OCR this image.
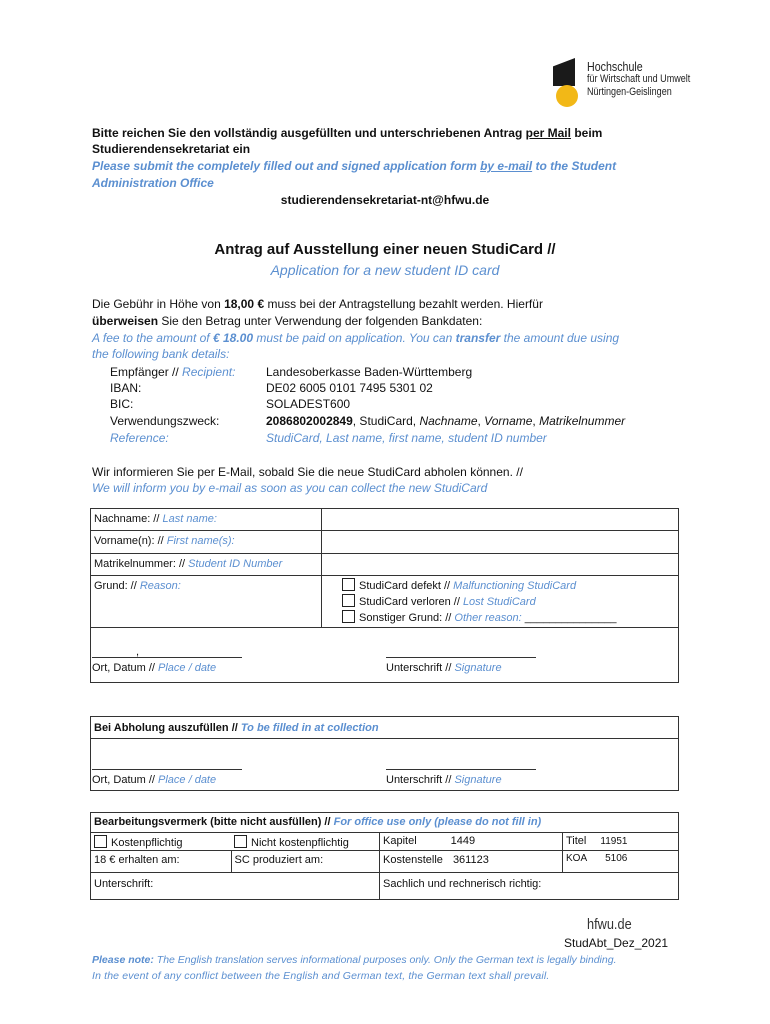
Hochschule
für Wirtschaft und Umwelt
Nürtingen-Geislingen
Bitte reichen Sie den vollständig ausgefüllten und unterschriebenen Antrag per Mail beim
Studierendensekretariat ein
Please submit the completely filled out and signed application form by e-mail to the Student
Administration Office
studierendensekretariat-nt@hfwu.de
Antrag auf Ausstellung einer neuen StudiCard //
Application for a new student ID card
Die Gebühr in Höhe von 18,00 € muss bei der Antragstellung bezahlt werden. Hierfür
überweisen Sie den Betrag unter Verwendung der folgenden Bankdaten:
A fee to the amount of € 18.00 must be paid on application. You can transfer the amount due using
the following bank details:
Empfänger // Recipient:	Landesoberkasse Baden-Württemberg
IBAN:	DE02 6005 0101 7495 5301 02
BIC:	SOLADEST600
Verwendungszweck:	2086802002849, StudiCard, Nachname, Vorname, Matrikelnummer
Reference:	StudiCard, Last name, first name, student ID number
Wir informieren Sie per E-Mail, sobald Sie die neue StudiCard abholen können. //
We will inform you by e-mail as soon as you can collect the new StudiCard
Nachname: // Last name:	
Vorname(n): // First name(s):	
Matrikelnummer: // Student ID Number	
Grund: // Reason:	StudiCard defekt // Malfunctioning StudiCard
StudiCard verloren // Lost StudiCard
Sonstiger Grund: // Other reason: _______________

,
Ort, Datum // Place / date	Unterschrift // Signature
Bei Abholung auszufüllen // To be filled in at collection

Ort, Datum // Place / date	Unterschrift // Signature
Bearbeitungsvermerk (bitte nicht ausfüllen) // For office use only (please do not fill in)			
Kostenpflichtig	Nicht kostenpflichtig	Kapitel 1449	Titel 11951
18 € erhalten am:	SC produziert am:	Kostenstelle 361123	KOA 5106
Unterschrift:		Sachlich und rechnerisch richtig:	
hfwu.de
StudAbt_Dez_2021
Please note: The English translation serves informational purposes only. Only the German text is legally binding.
In the event of any conflict between the English and German text, the German text shall prevail.
